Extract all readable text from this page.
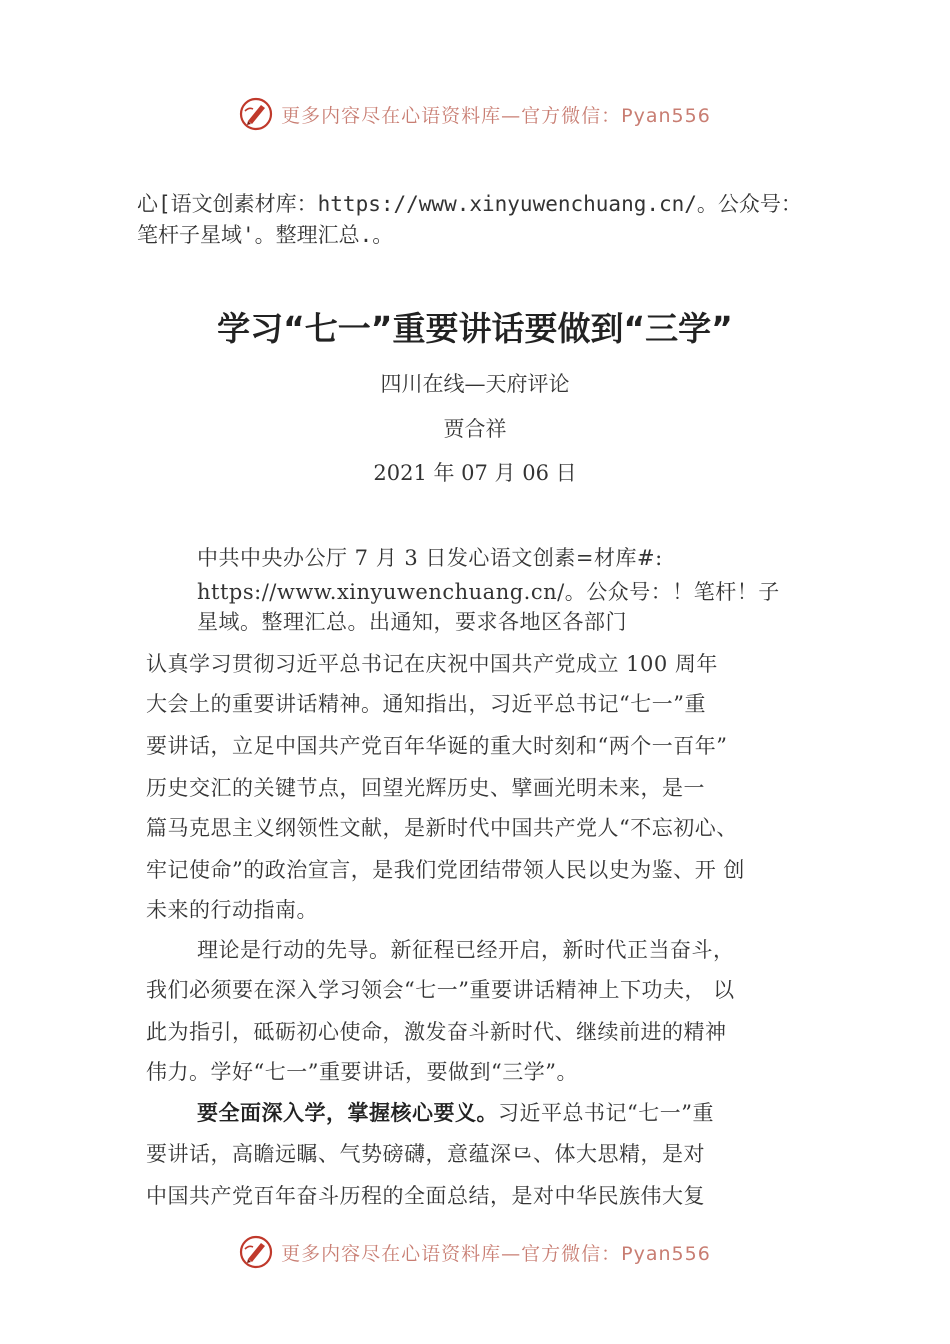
更多内容尽在心语资料库—官方微信：Pyan556
心[语文创素材库：https://www.xinyuwenchuang.cn/。公众号：
笔杆子星域'。整理汇总.。
学习“七一”重要讲话要做到“三学”
四川在线—天府评论
贾合祥
2021 年 07 月 06 日
中共中央办公厅 7 月 3 日发心语文创素=材库#:
https://www.xinyuwenchuang.cn/。公众号：！笔杆！子
星域。整理汇总。出通知，要求各地区各部门
认真学习贯彻习近平总书记在庆祝中国共产党成立 100 周年
大会上的重要讲话精神。通知指出，习近平总书记“七一”重
要讲话，立足中国共产党百年华诞的重大时刻和“两个一百年”
历史交汇的关键节点，回望光辉历史、擘画光明未来，是一
篇马克思主义纲领性文献，是新时代中国共产党人“不忘初心、
牢记使命”的政治宣言，是我们党团结带领人民以史为鉴、开 创
未来的行动指南。
理论是行动的先导。新征程已经开启，新时代正当奋斗，
我们必须要在深入学习领会“七一”重要讲话精神上下功夫， 以
此为指引，砥砺初心使命，激发奋斗新时代、继续前进的精神
伟力。学好“七一”重要讲话，要做到“三学”。
要全面深入学，掌握核心要义。习近平总书记“七一”重
要讲话，高瞻远瞩、气势磅礴，意蕴深⺋、体大思精，是对
中国共产党百年奋斗历程的全面总结，是对中华民族伟大复
更多内容尽在心语资料库—官方微信：Pyan556
